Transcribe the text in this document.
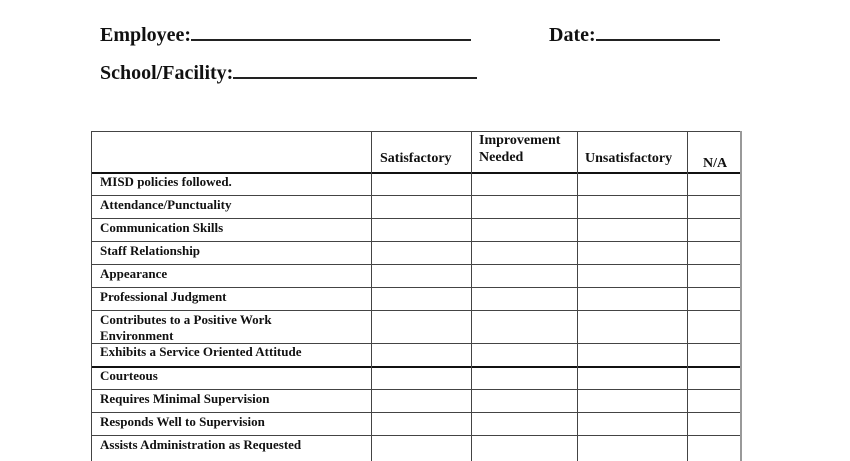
Employee:	Date:
School/Facility:
Satisfactory
Improvement
Needed	Unsatisfactory N/A
MISD policies followed.
Attendance/Punctuality
Communication Skills
Staff Relationship
Appearance
Professional Judgment
Contributes to a Positive Work
Environment
Exhibits a Service Oriented Attitude
Courteous
Requires Minimal Supervision
Responds Well to Supervision
Assists Administration as Requested
